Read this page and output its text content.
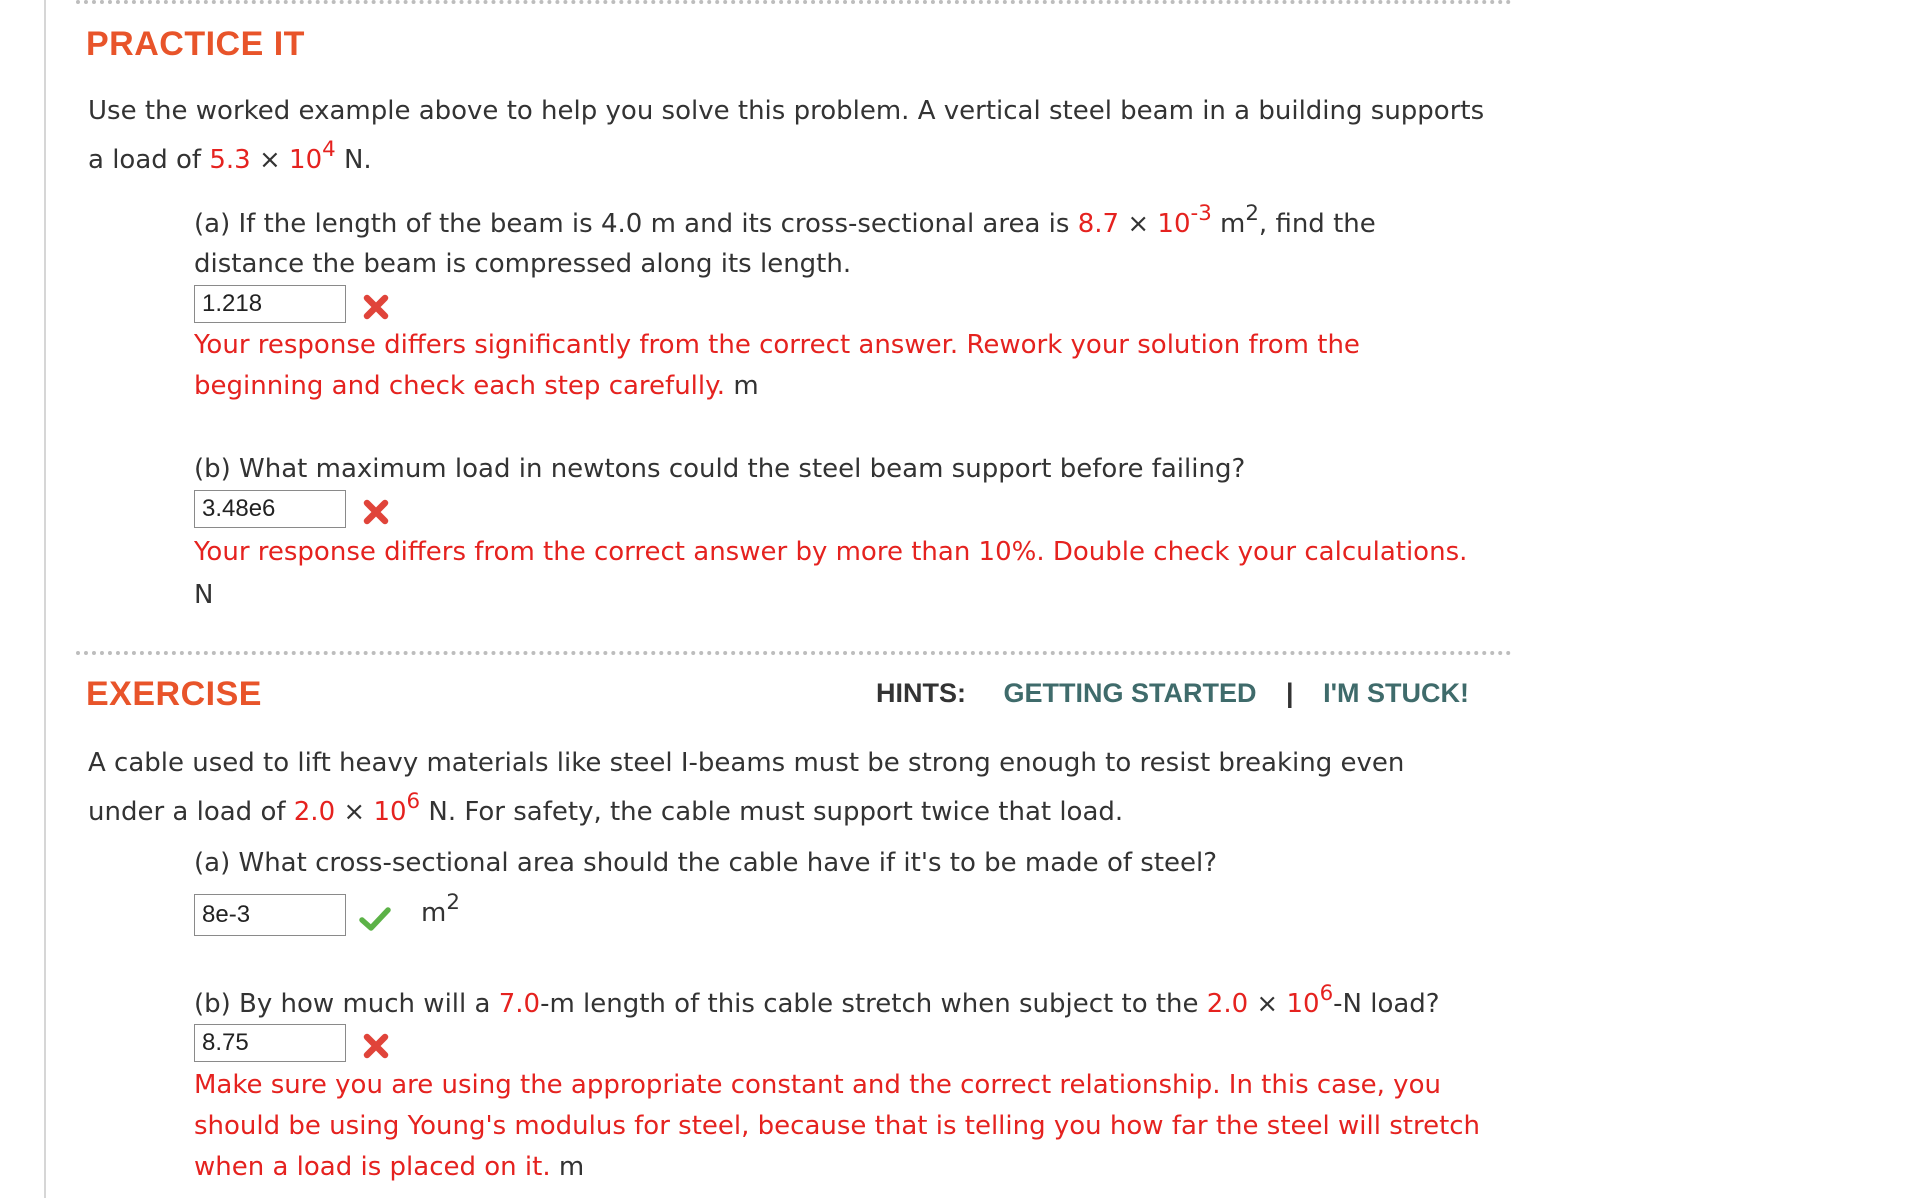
PRACTICE IT
Use the worked example above to help you solve this problem. A vertical steel beam in a building supports
a load of $5.3 \times 10^4$ N.
(a) If the length of the beam is 4.0 m and its cross-sectional area is $8.7 \times 10^{-3}$ $m^2$, find the
distance the beam is compressed along its length.
1.218
Your response differs significantly from the correct answer. Rework your solution from the
beginning and check each step carefully. m
(b) What maximum load in newtons could the steel beam support before failing?
3.48e6
Your response differs from the correct answer by more than 10%. Double check your calculations.
N
EXERCISE	HINTS: GETTING STARTED | I'M STUCK!
A cable used to lift heavy materials like steel I-beams must be strong enough to resist breaking even
under a load of $2.0 \times 10^6$ N. For safety, the cable must support twice that load.
(a) What cross-sectional area should the cable have if it's to be made of steel?
8e-3
$m^2$
(b) By how much will a 7.0-m length of this cable stretch when subject to the $2.0 \times 10^6-N$ load?
8.75
Make sure you are using the appropriate constant and the correct relationship. In this case, you
should be using Young's modulus for steel, because that is telling you how far the steel will stretch
when a load is placed on it. m
